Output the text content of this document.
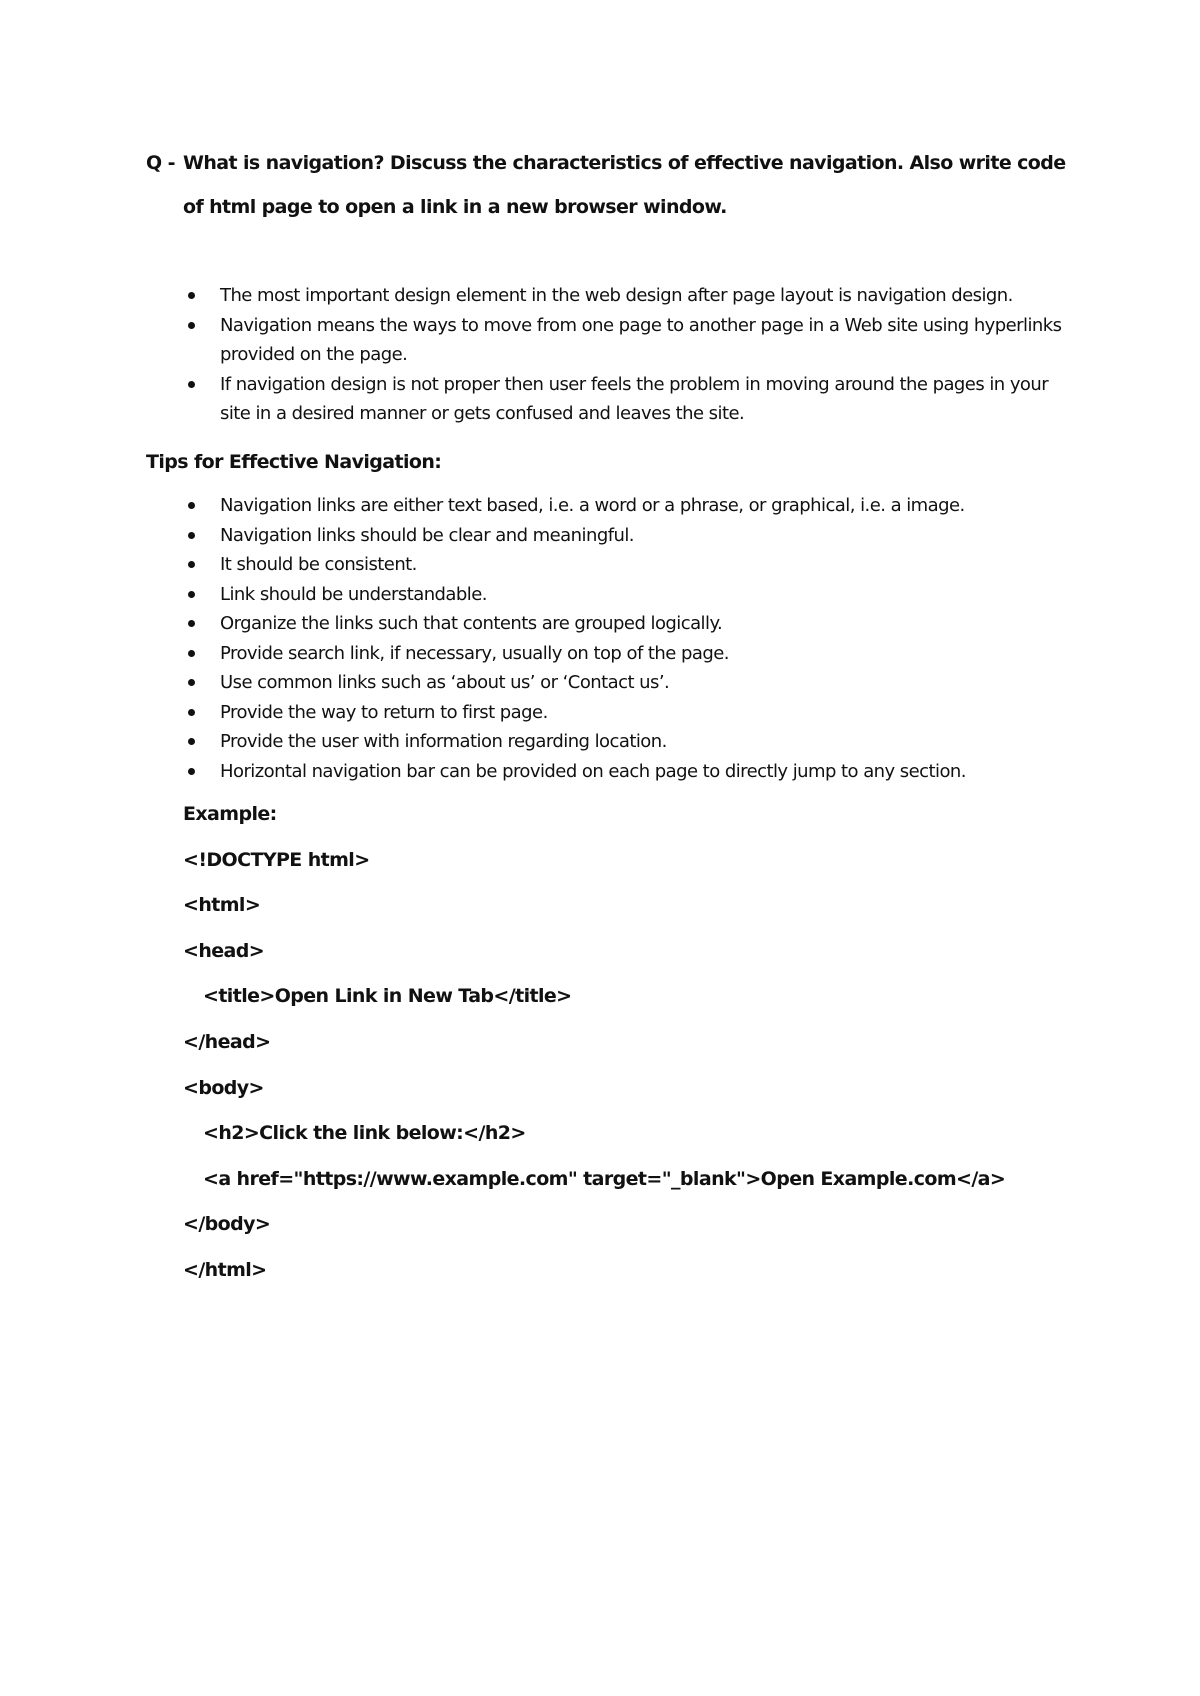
Q - What is navigation? Discuss the characteristics of effective navigation. Also write code
of html page to open a link in a new browser window.
The most important design element in the web design after page layout is navigation design.
Navigation means the ways to move from one page to another page in a Web site using hyperlinks provided on the page.
If navigation design is not proper then user feels the problem in moving around the pages in your site in a desired manner or gets confused and leaves the site.
Tips for Effective Navigation:
Navigation links are either text based, i.e. a word or a phrase, or graphical, i.e. a image.
Navigation links should be clear and meaningful.
It should be consistent.
Link should be understandable.
Organize the links such that contents are grouped logically.
Provide search link, if necessary, usually on top of the page.
Use common links such as ‘about us’ or ‘Contact us’.
Provide the way to return to first page.
Provide the user with information regarding location.
Horizontal navigation bar can be provided on each page to directly jump to any section.
Example:
<!DOCTYPE html>
<html>
<head>
<title>Open Link in New Tab</title>
</head>
<body>
<h2>Click the link below:</h2>
<a href="https://www.example.com" target="_blank">Open Example.com</a>
</body>
</html>
